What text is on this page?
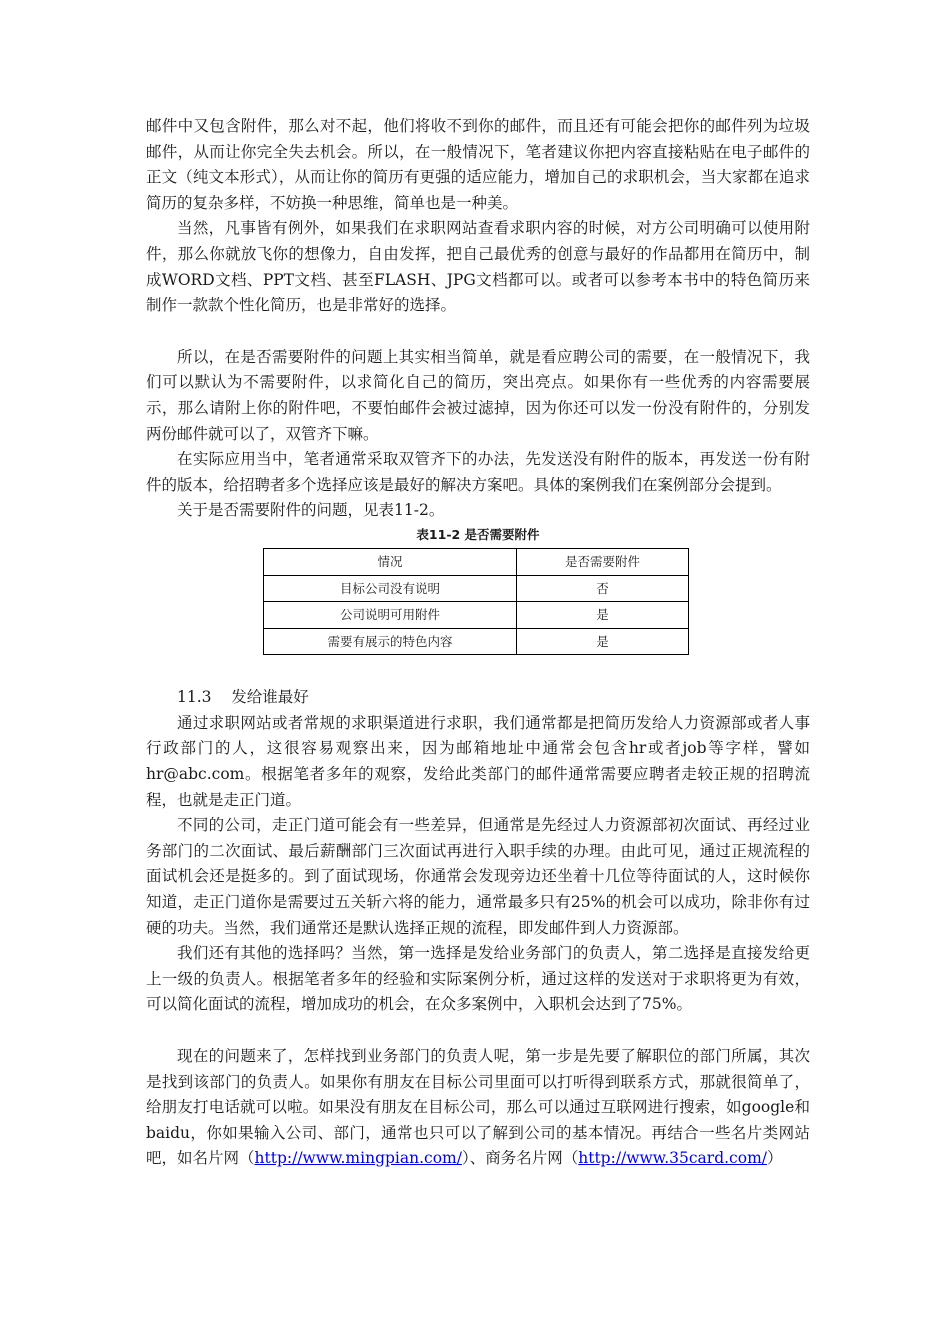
邮件中又包含附件，那么对不起，他们将收不到你的邮件，而且还有可能会把你的邮件列为垃圾邮件，从而让你完全失去机会。所以，在一般情况下，笔者建议你把内容直接粘贴在电子邮件的正文（纯文本形式），从而让你的简历有更强的适应能力，增加自己的求职机会，当大家都在追求简历的复杂多样，不妨换一种思维，简单也是一种美。

当然，凡事皆有例外，如果我们在求职网站查看求职内容的时候，对方公司明确可以使用附件，那么你就放飞你的想像力，自由发挥，把自己最优秀的创意与最好的作品都用在简历中，制成WORD文档、PPT文档、甚至FLASH、JPG文档都可以。或者可以参考本书中的特色简历来制作一款款个性化简历，也是非常好的选择。

所以，在是否需要附件的问题上其实相当简单，就是看应聘公司的需要，在一般情况下，我们可以默认为不需要附件，以求简化自己的简历，突出亮点。如果你有一些优秀的内容需要展示，那么请附上你的附件吧，不要怕邮件会被过滤掉，因为你还可以发一份没有附件的，分别发两份邮件就可以了，双管齐下嘛。

在实际应用当中，笔者通常采取双管齐下的办法，先发送没有附件的版本，再发送一份有附件的版本，给招聘者多个选择应该是最好的解决方案吧。具体的案例我们在案例部分会提到。

关于是否需要附件的问题，见表11-2。

表11-2 是否需要附件
情况	是否需要附件
目标公司没有说明	否
公司说明可用附件	是
需要有展示的特色内容	是

11.3    发给谁最好

通过求职网站或者常规的求职渠道进行求职，我们通常都是把简历发给人力资源部或者人事行政部门的人，这很容易观察出来，因为邮箱地址中通常会包含hr或者job等字样，譬如hr@abc.com。根据笔者多年的观察，发给此类部门的邮件通常需要应聘者走较正规的招聘流程，也就是走正门道。

不同的公司，走正门道可能会有一些差异，但通常是先经过人力资源部初次面试、再经过业务部门的二次面试、最后薪酬部门三次面试再进行入职手续的办理。由此可见，通过正规流程的面试机会还是挺多的。到了面试现场，你通常会发现旁边还坐着十几位等待面试的人，这时候你知道，走正门道你是需要过五关斩六将的能力，通常最多只有25%的机会可以成功，除非你有过硬的功夫。当然，我们通常还是默认选择正规的流程，即发邮件到人力资源部。

我们还有其他的选择吗？当然，第一选择是发给业务部门的负责人，第二选择是直接发给更上一级的负责人。根据笔者多年的经验和实际案例分析，通过这样的发送对于求职将更为有效，可以简化面试的流程，增加成功的机会，在众多案例中，入职机会达到了75%。

现在的问题来了，怎样找到业务部门的负责人呢，第一步是先要了解职位的部门所属，其次是找到该部门的负责人。如果你有朋友在目标公司里面可以打听得到联系方式，那就很简单了，给朋友打电话就可以啦。如果没有朋友在目标公司，那么可以通过互联网进行搜索，如google和baidu，你如果输入公司、部门，通常也只可以了解到公司的基本情况。再结合一些名片类网站吧，如名片网（http://www.mingpian.com/）、商务名片网（http://www.35card.com/）
